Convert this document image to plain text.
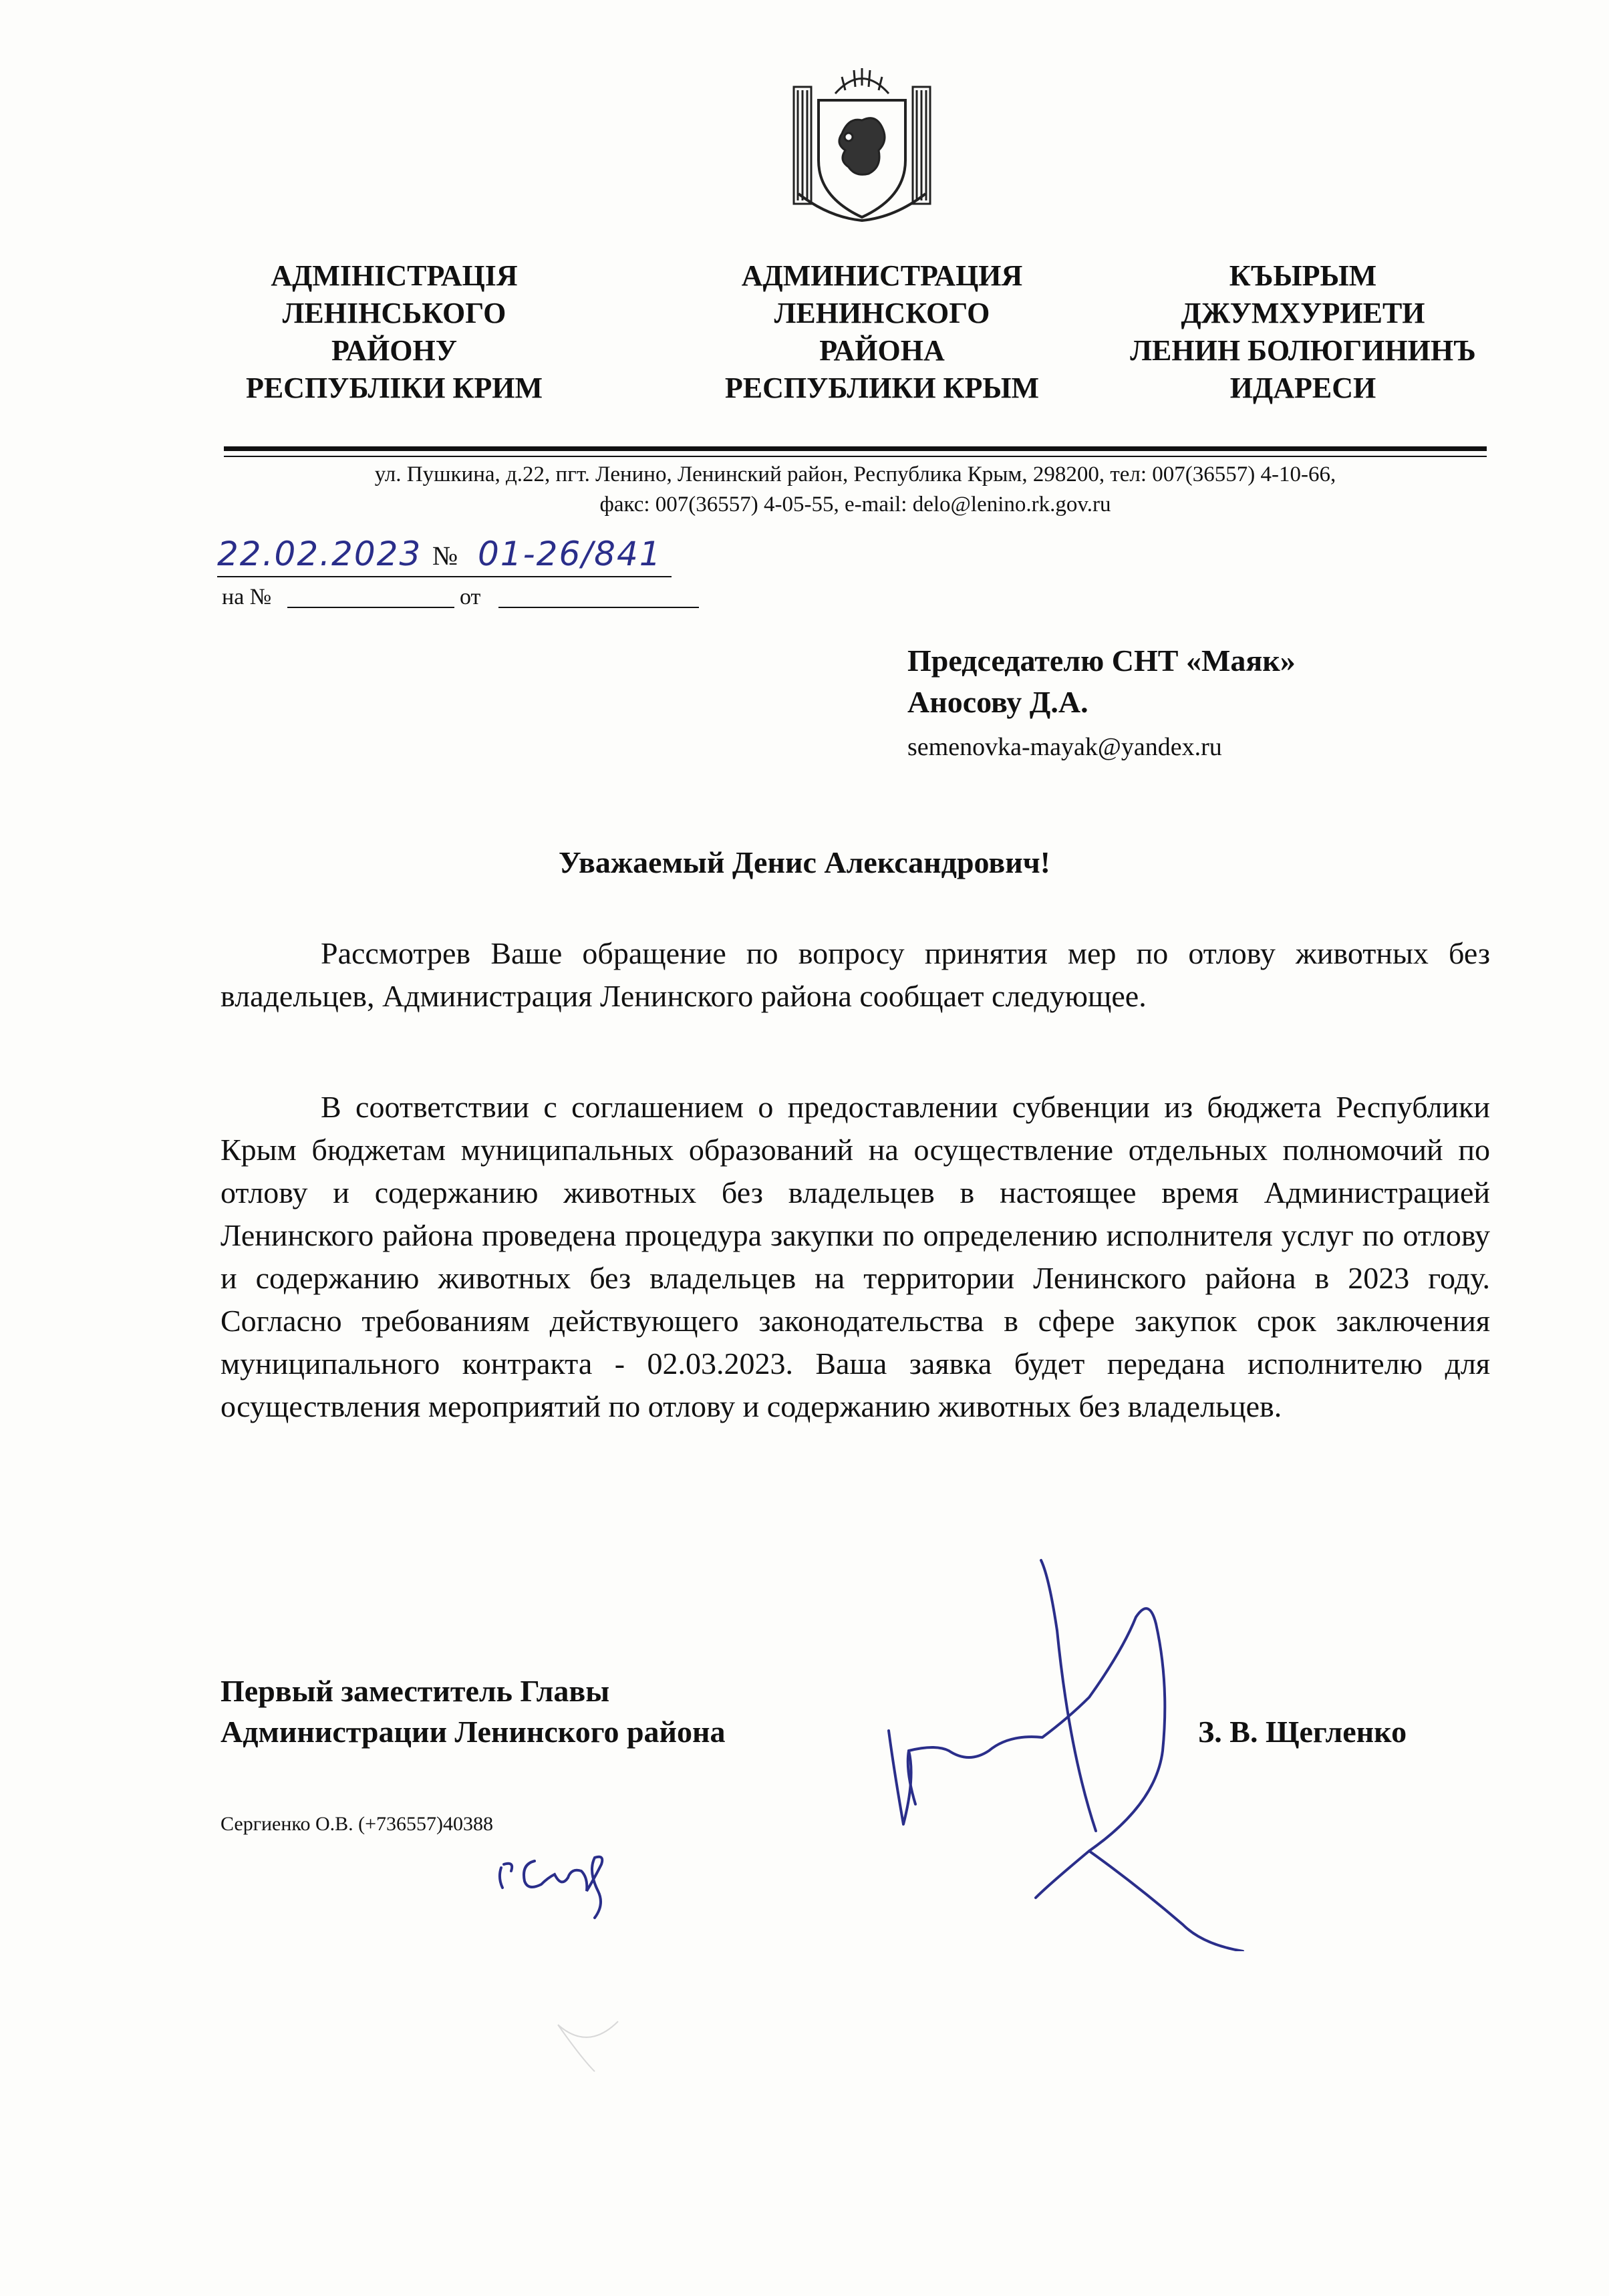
АДМІНІСТРАЦІЯ
ЛЕНІНСЬКОГО
РАЙОНУ
РЕСПУБЛІКИ КРИМ
АДМИНИСТРАЦИЯ
ЛЕНИНСКОГО
РАЙОНА
РЕСПУБЛИКИ КРЫМ
КЪЫРЫМ
ДЖУМХУРИЕТИ
ЛЕНИН БОЛЮГИНИНЪ
ИДАРЕСИ
ул. Пушкина, д.22, пгт. Ленино, Ленинский район, Республика Крым, 298200, тел: 007(36557) 4-10-66,
факс: 007(36557) 4-05-55, e-mail: delo@lenino.rk.gov.ru
22.02.2023 № 01-26/841
на №	от
Председателю СНТ «Маяк»
Аносову Д.А.
semenovka-mayak@yandex.ru
Уважаемый Денис Александрович!
Рассмотрев Ваше обращение по вопросу принятия мер по отлову животных без владельцев, Администрация Ленинского района сообщает следующее.
В соответствии с соглашением о предоставлении субвенции из бюджета Республики Крым бюджетам муниципальных образований на осуществление отдельных полномочий по отлову и содержанию животных без владельцев в настоящее время Администрацией Ленинского района проведена процедура закупки по определению исполнителя услуг по отлову и содержанию животных без владельцев на территории Ленинского района в 2023 году. Согласно требованиям действующего законодательства в сфере закупок срок заключения муниципального контракта - 02.03.2023. Ваша заявка будет передана исполнителю для осуществления мероприятий по отлову и содержанию животных без владельцев.
Первый заместитель Главы
Администрации Ленинского района	З. В. Щегленко
Сергиенко О.В. (+736557)40388
